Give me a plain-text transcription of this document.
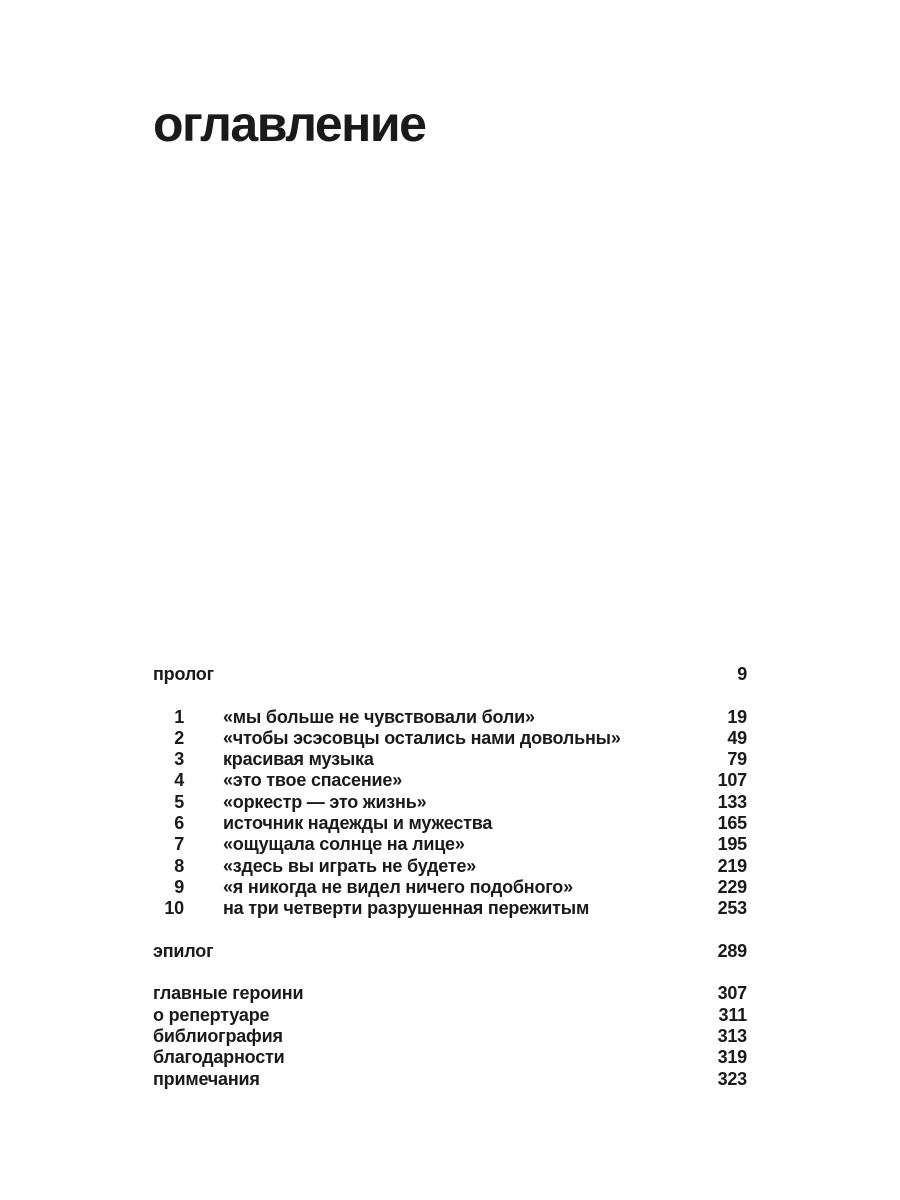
оглавление
пролог	9
1 «мы больше не чувствовали боли»	19
2 «чтобы эсэсовцы остались нами довольны»	49
3 красивая музыка	79
4 «это твое спасение»	107
5 «оркестр — это жизнь»	133
6 источник надежды и мужества	165
7 «ощущала солнце на лице»	195
8 «здесь вы играть не будете»	219
9 «я никогда не видел ничего подобного»	229
10 на три четверти разрушенная пережитым	253
эпилог	289
главные героини	307
о репертуаре	311
библиография	313
благодарности	319
примечания	323
